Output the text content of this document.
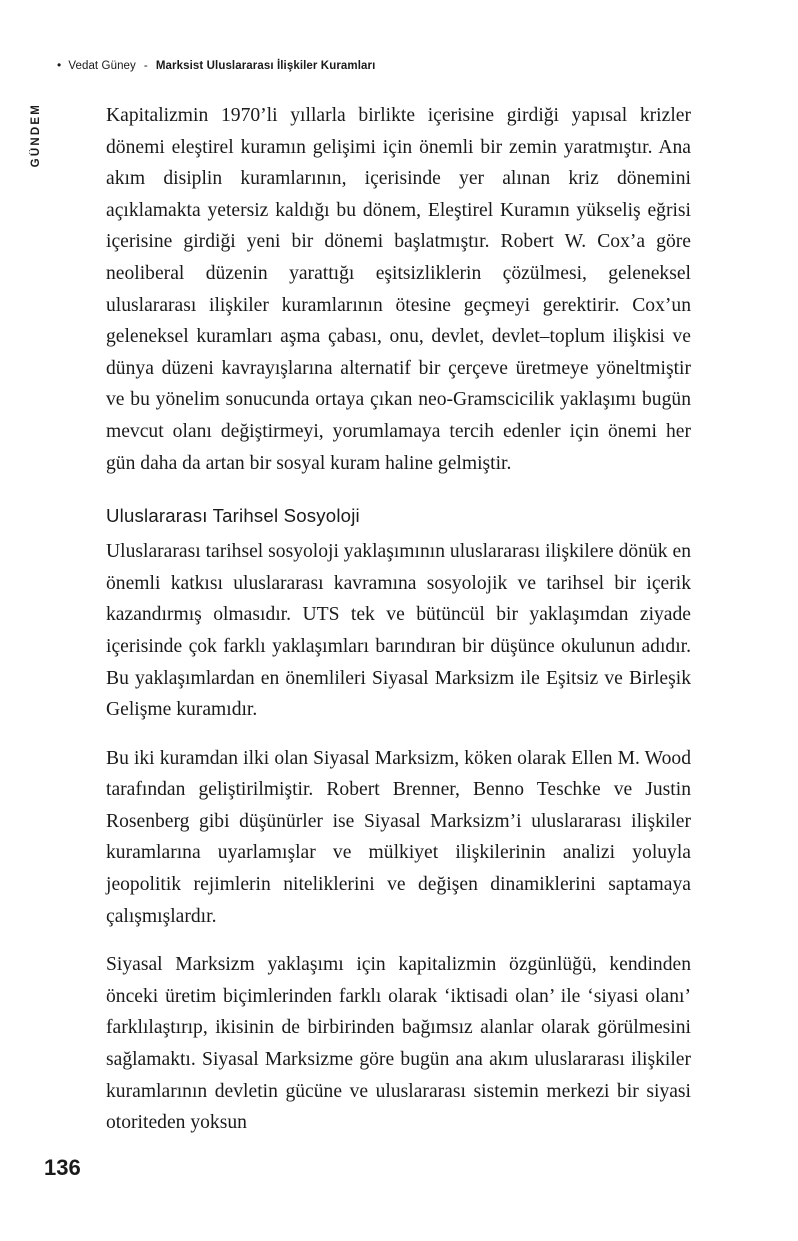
• Vedat Güney - Marksist Uluslararası İlişkiler Kuramları
GÜNDEM	Kapitalizmin 1970’li yıllarla birlikte içerisine girdiği yapısal krizler dönemi eleştirel kuramın gelişimi için önemli bir zemin yaratmıştır. Ana akım disiplin kuramlarının, içerisinde yer alınan kriz dönemini açıklamakta yetersiz kaldığı bu dönem, Eleştirel Kuramın yükseliş eğrisi içerisine girdiği yeni bir dönemi başlatmıştır. Robert W. Cox’a göre neoliberal düzenin yarattığı eşitsizliklerin çözülmesi, geleneksel uluslararası ilişkiler kuramlarının ötesine geçmeyi gerektirir. Cox’un geleneksel kuramları aşma çabası, onu, devlet, devlet–toplum ilişkisi ve dünya düzeni kavrayışlarına alternatif bir çerçeve üretmeye yöneltmiştir ve bu yönelim sonucunda ortaya çıkan neo-Gramscicilik yaklaşımı bugün mevcut olanı değiştirmeyi, yorumlamaya tercih edenler için önemi her gün daha da artan bir sosyal kuram haline gelmiştir.

Uluslararası Tarihsel Sosyoloji

Uluslararası tarihsel sosyoloji yaklaşımının uluslararası ilişkilere dönük en önemli katkısı uluslararası kavramına sosyolojik ve tarihsel bir içerik kazandırmış olmasıdır. UTS tek ve bütüncül bir yaklaşımdan ziyade içerisinde çok farklı yaklaşımları barındıran bir düşünce okulunun adıdır. Bu yaklaşımlardan en önemlileri Siyasal Marksizm ile Eşitsiz ve Birleşik Gelişme kuramıdır.

Bu iki kuramdan ilki olan Siyasal Marksizm, köken olarak Ellen M. Wood tarafından geliştirilmiştir. Robert Brenner, Benno Teschke ve Justin Rosenberg gibi düşünürler ise Siyasal Marksizm’i uluslararası ilişkiler kuramlarına uyarlamışlar ve mülkiyet ilişkilerinin analizi yoluyla jeopolitik rejimlerin niteliklerini ve değişen dinamiklerini saptamaya çalışmışlardır.

Siyasal Marksizm yaklaşımı için kapitalizmin özgünlüğü, kendinden önceki üretim biçimlerinden farklı olarak ‘iktisadi olan’ ile ‘siyasi olanı’ farklılaştırıp, ikisinin de birbirinden bağımsız alanlar olarak görülmesini sağlamaktı. Siyasal Marksizme göre bugün ana akım uluslararası ilişkiler kuramlarının devletin gücüne ve uluslararası sistemin merkezi bir siyasi otoriteden yoksun

136
